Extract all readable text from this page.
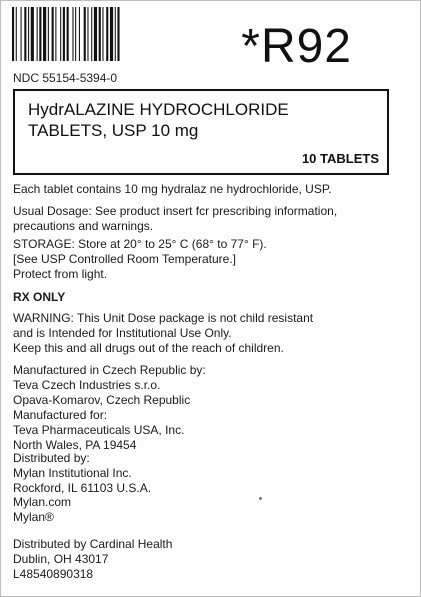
*R92
NDC 55154-5394-0
HydrALAZINE HYDROCHLORIDE
TABLETS, USP 10 mg
10 TABLETS
Each tablet contains 10 mg hydralaz ne hydrochloride, USP.
Usual Dosage: See product insert fcr prescribing information,
precautions and warnings.
STORAGE: Store at 20° to 25° C (68° to 77° F).
[See USP Controlled Room Temperature.]
Protect from light.
RX ONLY
WARNING: This Unit Dose package is not child resistant
and is Intended for Institutional Use Only.
Keep this and all drugs out of the reach of children.
Manufactured in Czech Republic by:
Teva Czech Industries s.r.o.
Opava-Komarov, Czech Republic
Manufactured for:
Teva Pharmaceuticals USA, Inc.
North Wales, PA 19454
Distributed by:
Mylan Institutional Inc.
Rockford, IL 61103 U.S.A.
Mylan.com
Mylan®
Distributed by Cardinal Health
Dublin, OH 43017
L48540890318
